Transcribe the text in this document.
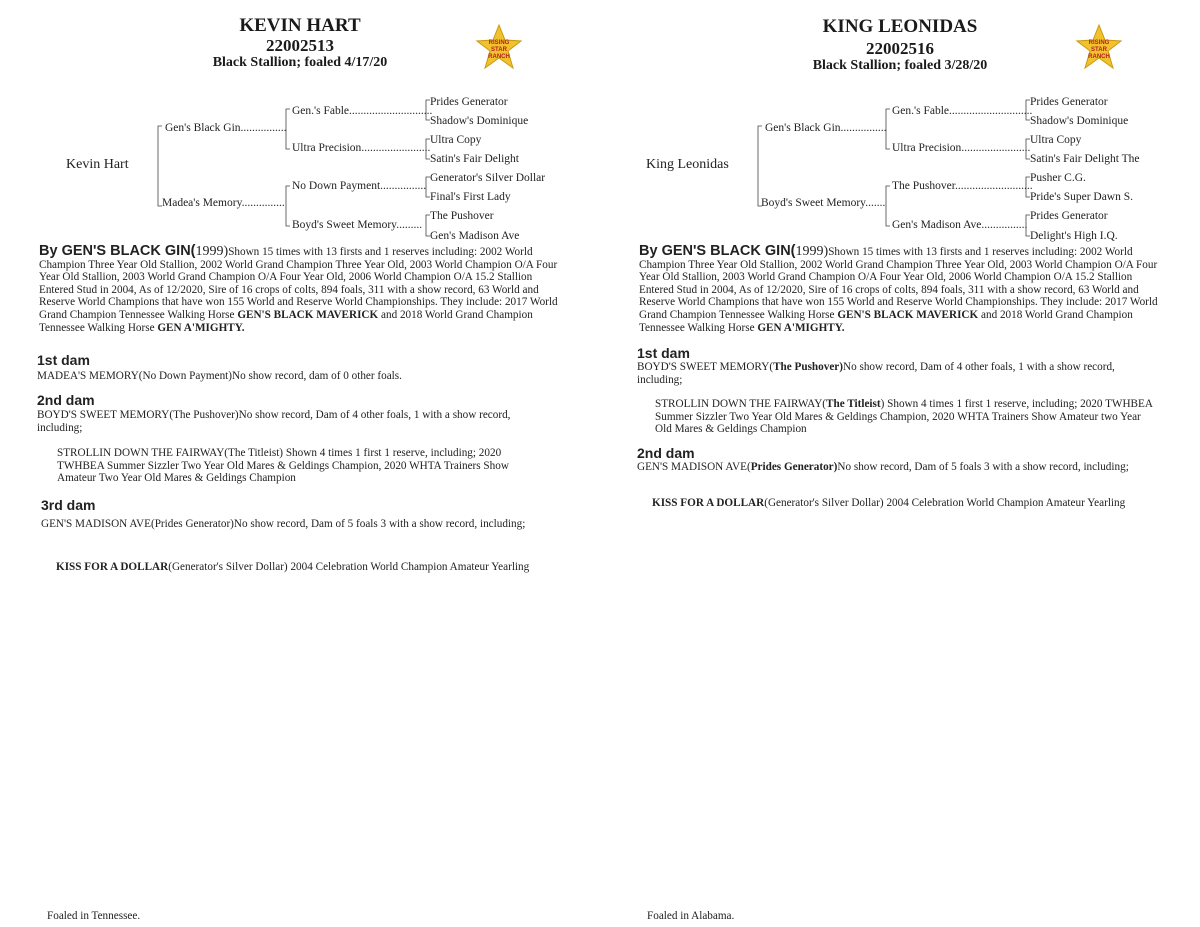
KEVIN HART
22002513
Black Stallion; foaled 4/17/20
RISING
STAR
RANCH
Kevin Hart
Gen's Black Gin................
Madea's Memory...............
Gen.'s Fable.............................
Ultra Precision........................
No Down Payment................
Boyd's Sweet Memory.........
Prides Generator
Shadow's Dominique
Ultra Copy
Satin's Fair Delight
Generator's Silver Dollar
Final's First Lady
The Pushover
Gen's Madison Ave
By GEN'S BLACK GIN(1999)Shown 15 times with 13 firsts and 1 reserves including: 2002 World Champion Three Year Old Stallion, 2002 World Grand Champion Three Year Old, 2003 World Champion O/A Four Year Old Stallion, 2003 World Grand Champion O/A Four Year Old, 2006 World Champion O/A 15.2 Stallion Entered Stud in 2004, As of 12/2020, Sire of 16 crops of colts, 894 foals, 311 with a show record, 63 World and Reserve World Champions that have won 155 World and Reserve World Championships. They include: 2017 World Grand Champion Tennessee Walking Horse GEN'S BLACK MAVERICK and 2018 World Grand Champion Tennessee Walking Horse GEN A'MIGHTY.
1st dam
MADEA'S MEMORY(No Down Payment)No show record, dam of 0 other foals.
2nd dam
BOYD'S SWEET MEMORY(The Pushover)No show record, Dam of 4 other foals, 1 with a show record, including;
STROLLIN DOWN THE FAIRWAY(The Titleist) Shown 4 times 1 first 1 reserve, including; 2020 TWHBEA Summer Sizzler Two Year Old Mares & Geldings Champion, 2020 WHTA Trainers Show Amateur Two Year Old Mares & Geldings Champion
3rd dam
GEN'S MADISON AVE(Prides Generator)No show record, Dam of 5 foals 3 with a show record, including;
KISS FOR A DOLLAR(Generator's Silver Dollar) 2004 Celebration World Champion Amateur Yearling
Foaled in Tennessee.
KING LEONIDAS
22002516
Black Stallion; foaled 3/28/20
RISING
STAR
RANCH
King Leonidas
Gen's Black Gin................
Boyd's Sweet Memory.......
Gen.'s Fable.............................
Ultra Precision........................
The Pushover...........................
Gen's Madison Ave................
Prides Generator
Shadow's Dominique
Ultra Copy
Satin's Fair Delight The
Pusher C.G.
Pride's Super Dawn S.
Prides Generator
Delight's High I.Q.
By GEN'S BLACK GIN(1999)Shown 15 times with 13 firsts and 1 reserves including: 2002 World Champion Three Year Old Stallion, 2002 World Grand Champion Three Year Old, 2003 World Champion O/A Four Year Old Stallion, 2003 World Grand Champion O/A Four Year Old, 2006 World Champion O/A 15.2 Stallion Entered Stud in 2004, As of 12/2020, Sire of 16 crops of colts, 894 foals, 311 with a show record, 63 World and Reserve World Champions that have won 155 World and Reserve World Championships. They include: 2017 World Grand Champion Tennessee Walking Horse GEN'S BLACK MAVERICK and 2018 World Grand Champion Tennessee Walking Horse GEN A'MIGHTY.
1st dam
BOYD'S SWEET MEMORY(The Pushover)No show record, Dam of 4 other foals, 1 with a show record, including;
STROLLIN DOWN THE FAIRWAY(The Titleist) Shown 4 times 1 first 1 reserve, including; 2020 TWHBEA Summer Sizzler Two Year Old Mares & Geldings Champion, 2020 WHTA Trainers Show Amateur two Year Old Mares & Geldings Champion
2nd dam
GEN'S MADISON AVE(Prides Generator)No show record, Dam of 5 foals 3 with a show record, including;
KISS FOR A DOLLAR(Generator's Silver Dollar) 2004 Celebration World Champion Amateur Yearling
Foaled in Alabama.
